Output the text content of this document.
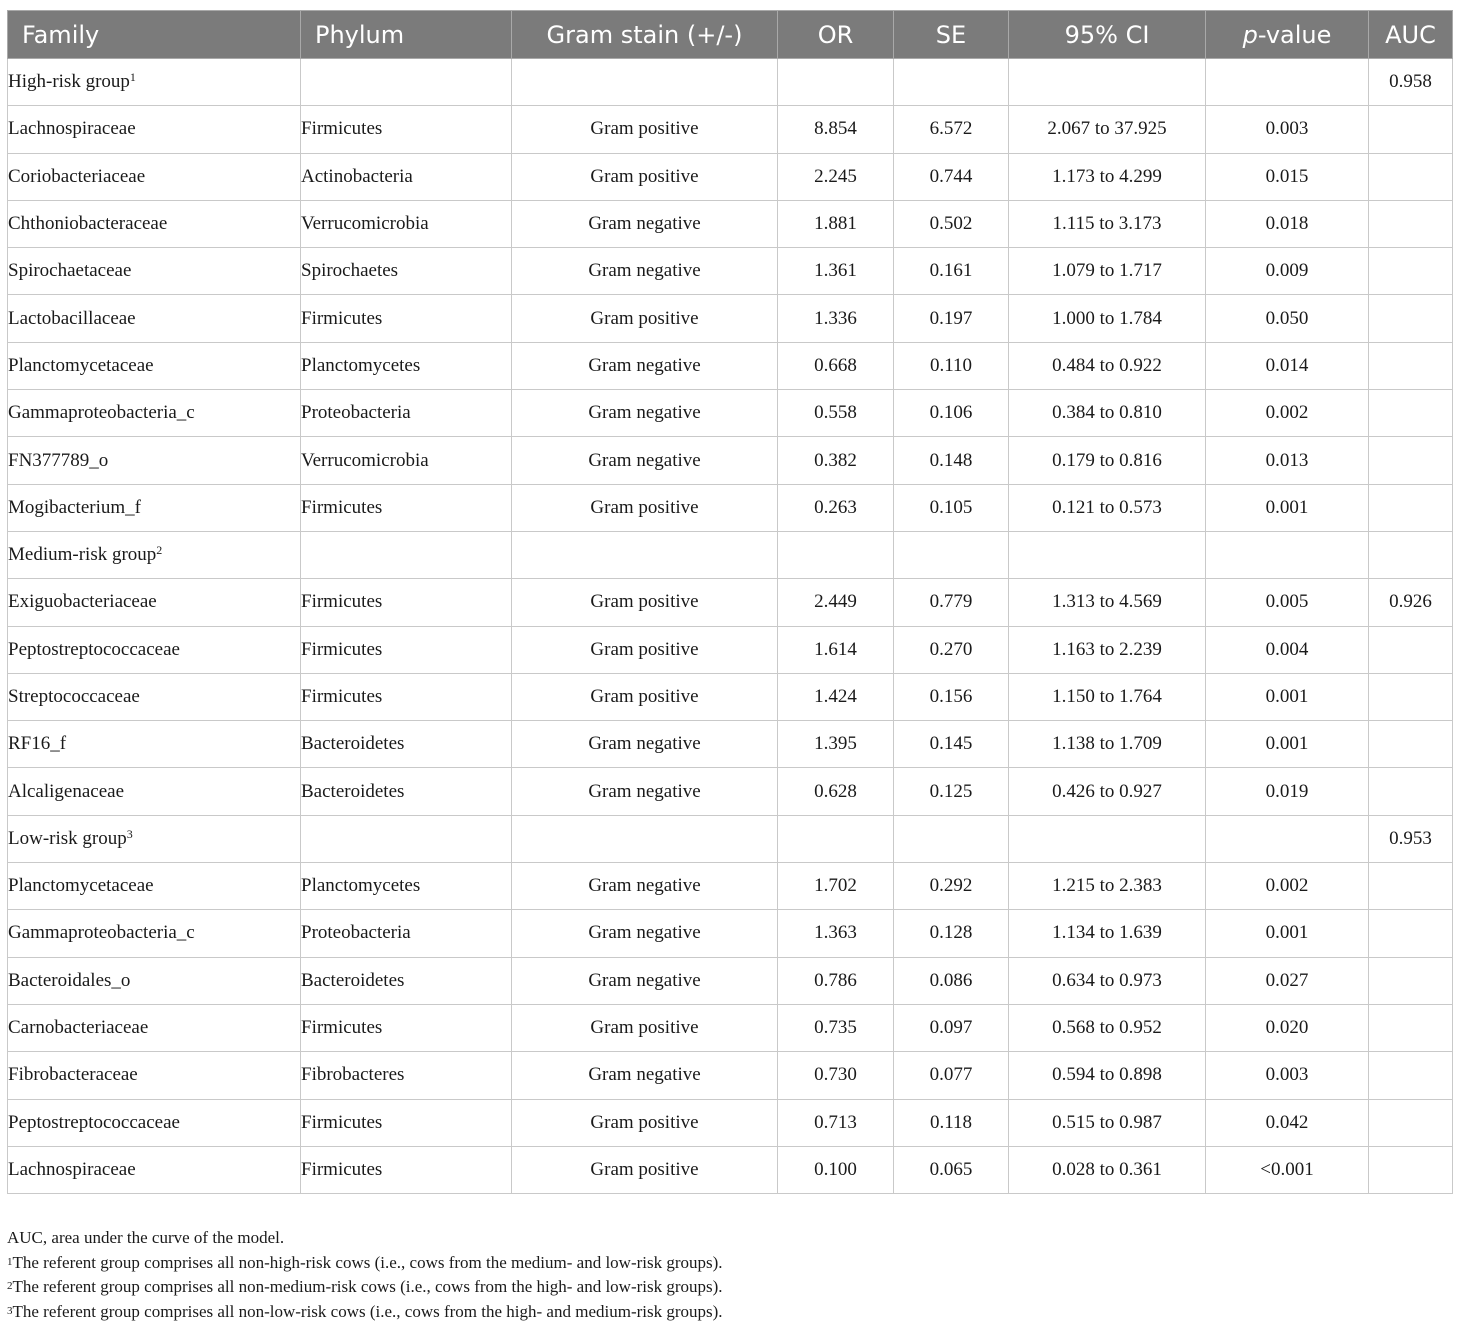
Family	Phylum	Gram stain (+/-)	OR	SE	95% CI	p-value	AUC
High-risk group$^1$							0.958
Lachnospiraceae	Firmicutes	Gram positive	8.854	6.572	2.067 to 37.925	0.003	
Coriobacteriaceae	Actinobacteria	Gram positive	2.245	0.744	1.173 to 4.299	0.015	
Chthoniobacteraceae	Verrucomicrobia	Gram negative	1.881	0.502	1.115 to 3.173	0.018	
Spirochaetaceae	Spirochaetes	Gram negative	1.361	0.161	1.079 to 1.717	0.009	
Lactobacillaceae	Firmicutes	Gram positive	1.336	0.197	1.000 to 1.784	0.050	
Planctomycetaceae	Planctomycetes	Gram negative	0.668	0.110	0.484 to 0.922	0.014	
Gammaproteobacteria_c	Proteobacteria	Gram negative	0.558	0.106	0.384 to 0.810	0.002	
FN377789_o	Verrucomicrobia	Gram negative	0.382	0.148	0.179 to 0.816	0.013	
Mogibacterium_f	Firmicutes	Gram positive	0.263	0.105	0.121 to 0.573	0.001	
Medium-risk group$^2$							
Exiguobacteriaceae	Firmicutes	Gram positive	2.449	0.779	1.313 to 4.569	0.005	0.926
Peptostreptococcaceae	Firmicutes	Gram positive	1.614	0.270	1.163 to 2.239	0.004	
Streptococcaceae	Firmicutes	Gram positive	1.424	0.156	1.150 to 1.764	0.001	
RF16_f	Bacteroidetes	Gram negative	1.395	0.145	1.138 to 1.709	0.001	
Alcaligenaceae	Bacteroidetes	Gram negative	0.628	0.125	0.426 to 0.927	0.019	
Low-risk group$^3$							0.953
Planctomycetaceae	Planctomycetes	Gram negative	1.702	0.292	1.215 to 2.383	0.002	
Gammaproteobacteria_c	Proteobacteria	Gram negative	1.363	0.128	1.134 to 1.639	0.001	
Bacteroidales_o	Bacteroidetes	Gram negative	0.786	0.086	0.634 to 0.973	0.027	
Carnobacteriaceae	Firmicutes	Gram positive	0.735	0.097	0.568 to 0.952	0.020	
Fibrobacteraceae	Fibrobacteres	Gram negative	0.730	0.077	0.594 to 0.898	0.003	
Peptostreptococcaceae	Firmicutes	Gram positive	0.713	0.118	0.515 to 0.987	0.042	
Lachnospiraceae	Firmicutes	Gram positive	0.100	0.065	0.028 to 0.361	<0.001	
AUC, area under the curve of the model.
$^1$The referent group comprises all non-high-risk cows (i.e., cows from the medium- and low-risk groups).
$^2$The referent group comprises all non-medium-risk cows (i.e., cows from the high- and low-risk groups).
$^3$The referent group comprises all non-low-risk cows (i.e., cows from the high- and medium-risk groups).
